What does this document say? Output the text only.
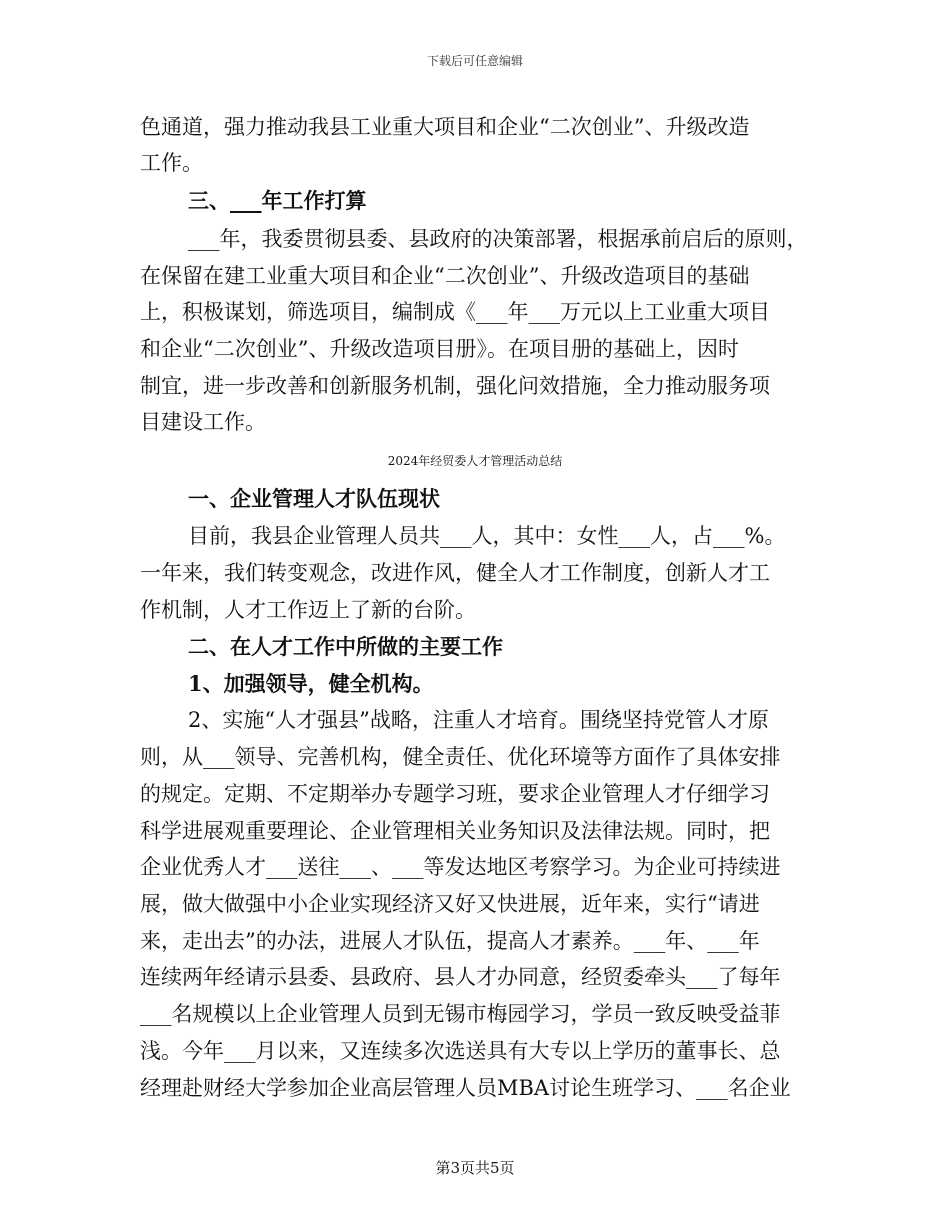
下载后可任意编辑
色通道，强力推动我县工业重大项目和企业“二次创业”、升级改造
工作。
三、___年工作打算
___年，我委贯彻县委、县政府的决策部署，根据承前启后的原则，
在保留在建工业重大项目和企业“二次创业”、升级改造项目的基础
上，积极谋划，筛选项目，编制成《___年___万元以上工业重大项目
和企业“二次创业”、升级改造项目册》。在项目册的基础上，因时
制宜，进一步改善和创新服务机制，强化问效措施，全力推动服务项
目建设工作。
2024年经贸委人才管理活动总结
一、企业管理人才队伍现状
目前，我县企业管理人员共___人，其中：女性___人，占___%。
一年来，我们转变观念，改进作风，健全人才工作制度，创新人才工
作机制，人才工作迈上了新的台阶。
二、在人才工作中所做的主要工作
1、加强领导，健全机构。
2、实施“人才强县”战略，注重人才培育。围绕坚持党管人才原
则，从___领导、完善机构，健全责任、优化环境等方面作了具体安排
的规定。定期、不定期举办专题学习班，要求企业管理人才仔细学习
科学进展观重要理论、企业管理相关业务知识及法律法规。同时，把
企业优秀人才___送往___、___等发达地区考察学习。为企业可持续进
展，做大做强中小企业实现经济又好又快进展，近年来，实行“请进
来，走出去”的办法，进展人才队伍，提高人才素养。___年、___年
连续两年经请示县委、县政府、县人才办同意，经贸委牵头___了每年
___名规模以上企业管理人员到无锡市梅园学习，学员一致反映受益菲
浅。今年___月以来，又连续多次选送具有大专以上学历的董事长、总
经理赴财经大学参加企业高层管理人员MBA讨论生班学习、___名企业
第3页共5页
